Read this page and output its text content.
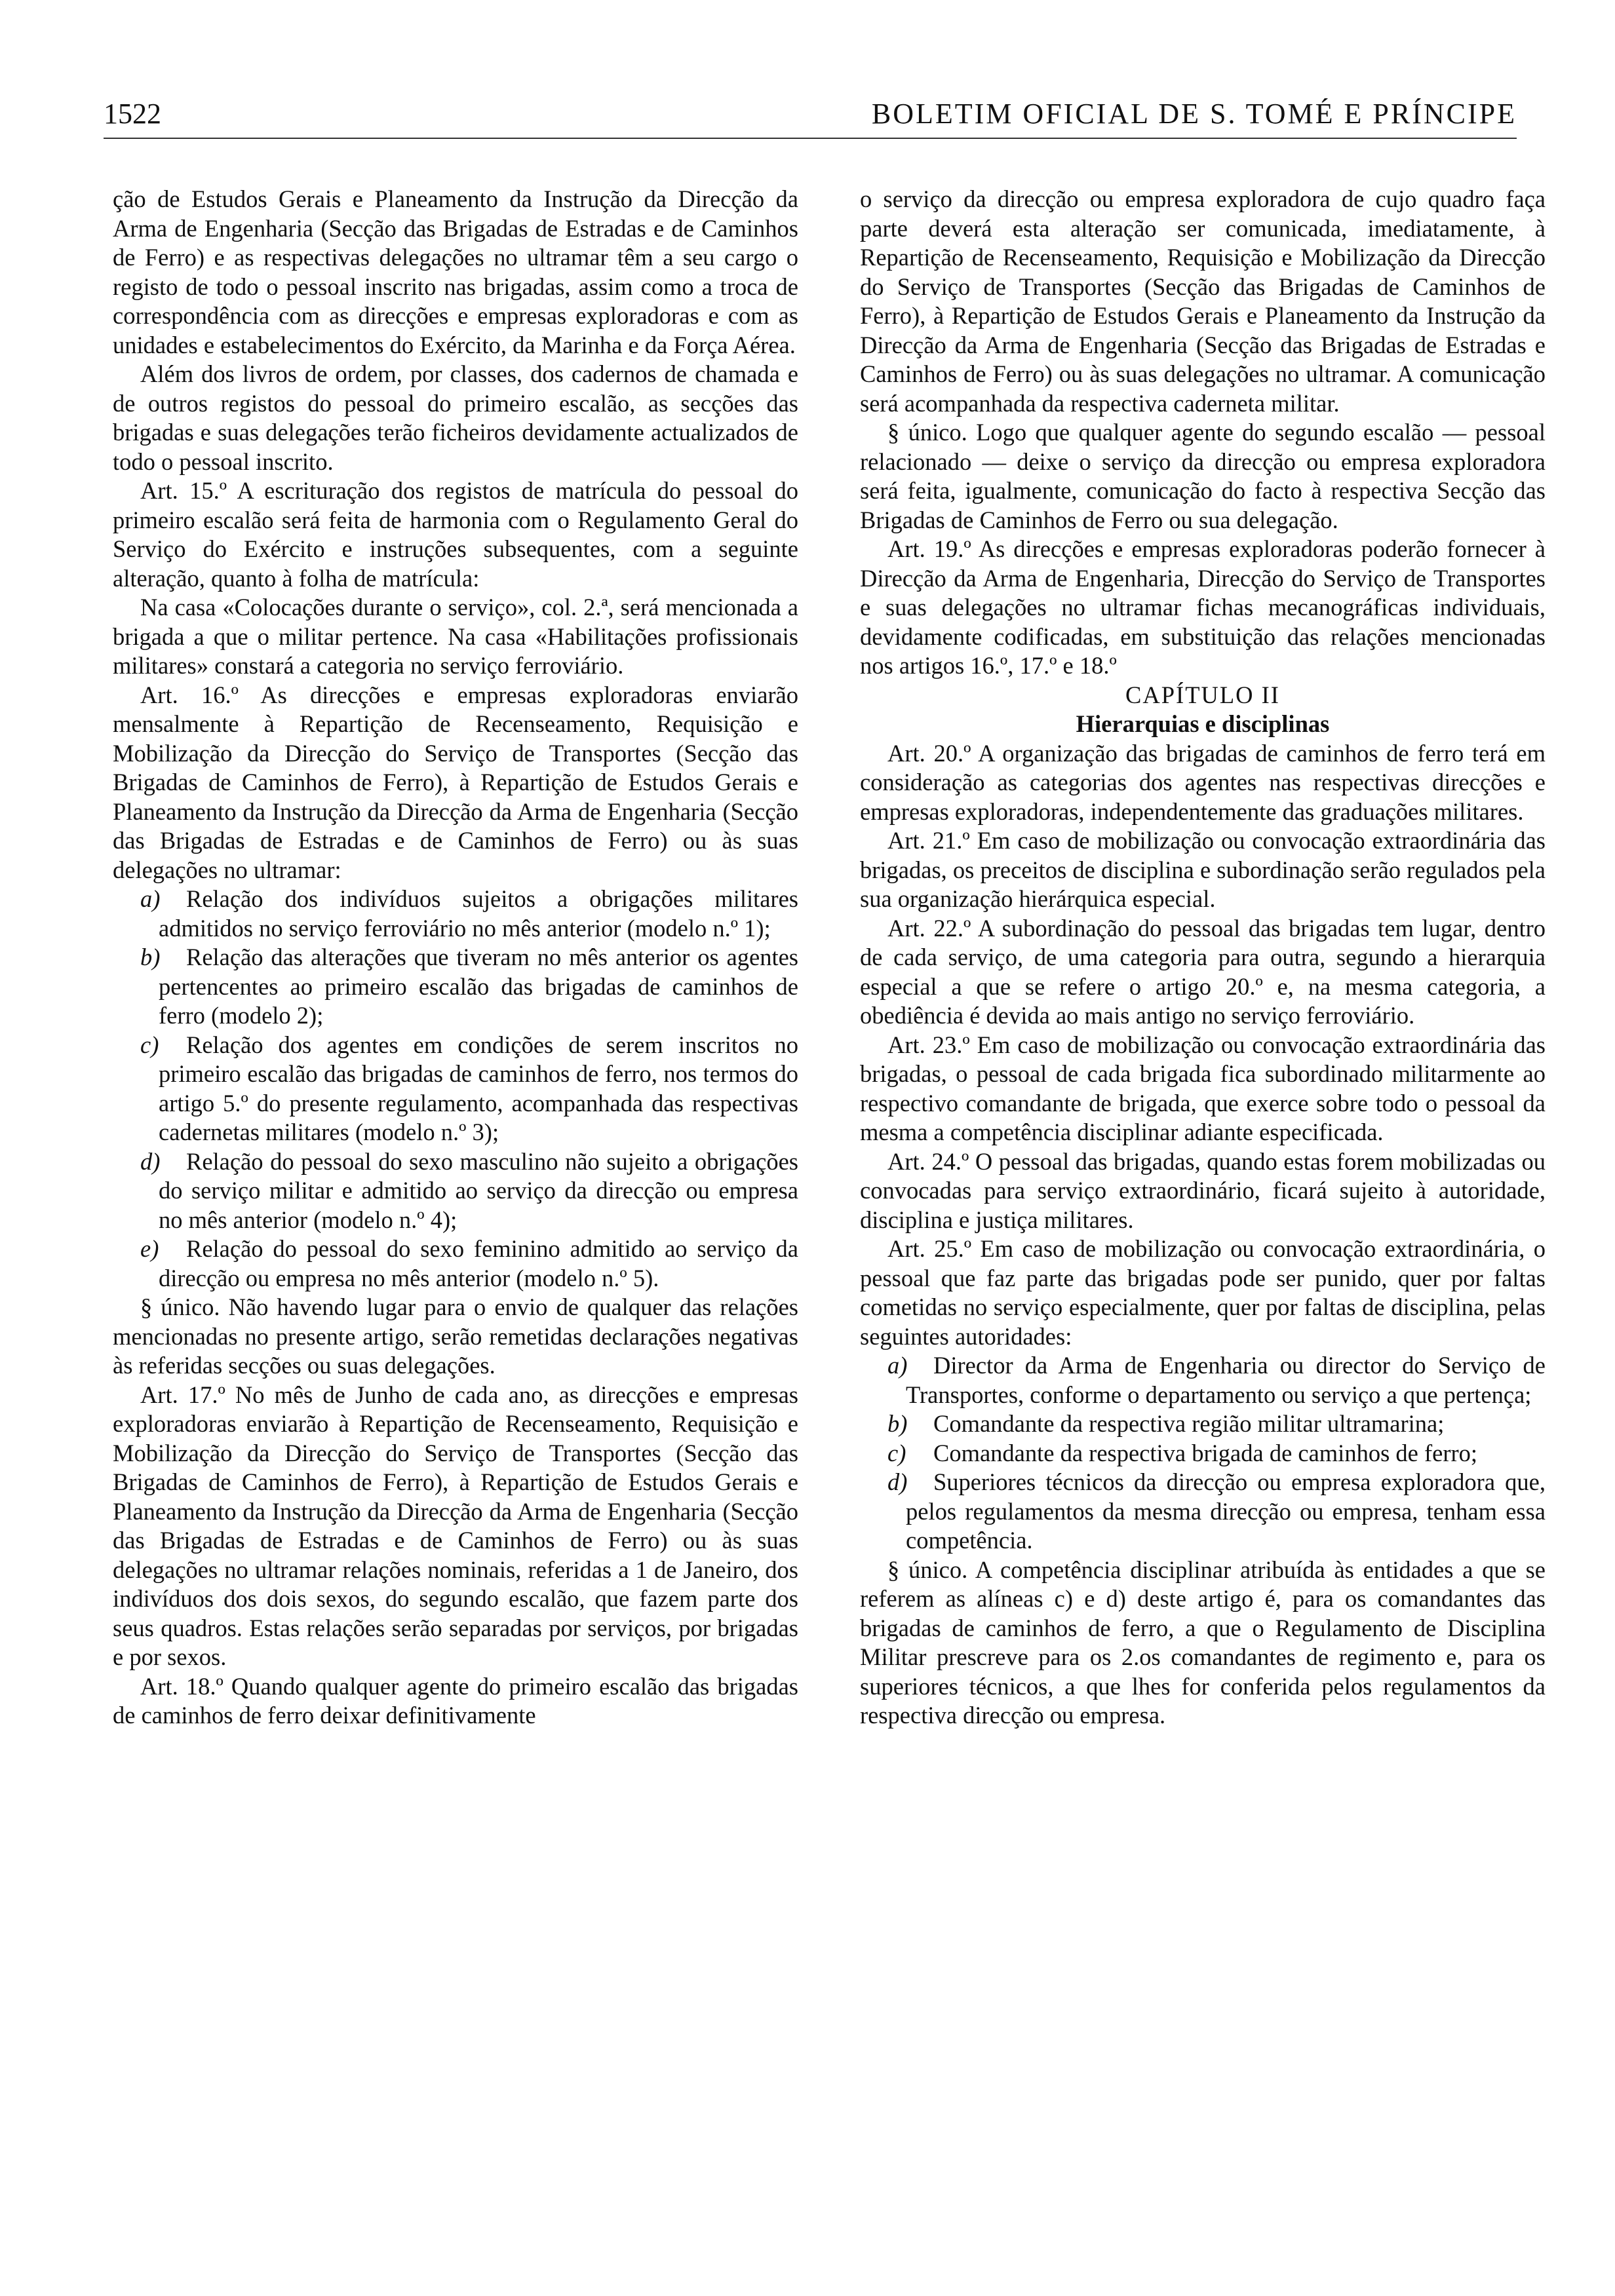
1522	BOLETIM OFICIAL DE S. TOMÉ E PRÍNCIPE

ção de Estudos Gerais e Planeamento da Instrução da Direcção da Arma de Engenharia (Secção das Brigadas de Estradas e de Caminhos de Ferro) e as respectivas delegações no ultramar têm a seu cargo o registo de todo o pessoal inscrito nas brigadas, assim como a troca de correspondência com as direcções e empresas exploradoras e com as unidades e estabelecimentos do Exército, da Marinha e da Força Aérea.

Além dos livros de ordem, por classes, dos cadernos de chamada e de outros registos do pessoal do primeiro escalão, as secções das brigadas e suas delegações terão ficheiros devidamente actualizados de todo o pessoal inscrito.

Art. 15.º A escrituração dos registos de matrícula do pessoal do primeiro escalão será feita de harmonia com o Regulamento Geral do Serviço do Exército e instruções subsequentes, com a seguinte alteração, quanto à folha de matrícula:

Na casa «Colocações durante o serviço», col. 2.ª, será mencionada a brigada a que o militar pertence. Na casa «Habilitações profissionais militares» constará a categoria no serviço ferroviário.

Art. 16.º As direcções e empresas exploradoras enviarão mensalmente à Repartição de Recenseamento, Requisição e Mobilização da Direcção do Serviço de Transportes (Secção das Brigadas de Caminhos de Ferro), à Repartição de Estudos Gerais e Planeamento da Instrução da Direcção da Arma de Engenharia (Secção das Brigadas de Estradas e de Caminhos de Ferro) ou às suas delegações no ultramar:

a) Relação dos indivíduos sujeitos a obrigações militares admitidos no serviço ferroviário no mês anterior (modelo n.º 1);

b) Relação das alterações que tiveram no mês anterior os agentes pertencentes ao primeiro escalão das brigadas de caminhos de ferro (modelo 2);

c) Relação dos agentes em condições de serem inscritos no primeiro escalão das brigadas de caminhos de ferro, nos termos do artigo 5.º do presente regulamento, acompanhada das respectivas cadernetas militares (modelo n.º 3);

d) Relação do pessoal do sexo masculino não sujeito a obrigações do serviço militar e admitido ao serviço da direcção ou empresa no mês anterior (modelo n.º 4);

e) Relação do pessoal do sexo feminino admitido ao serviço da direcção ou empresa no mês anterior (modelo n.º 5).

§ único. Não havendo lugar para o envio de qualquer das relações mencionadas no presente artigo, serão remetidas declarações negativas às referidas secções ou suas delegações.

Art. 17.º No mês de Junho de cada ano, as direcções e empresas exploradoras enviarão à Repartição de Recenseamento, Requisição e Mobilização da Direcção do Serviço de Transportes (Secção das Brigadas de Caminhos de Ferro), à Repartição de Estudos Gerais e Planeamento da Instrução da Direcção da Arma de Engenharia (Secção das Brigadas de Estradas e de Caminhos de Ferro) ou às suas delegações no ultramar relações nominais, referidas a 1 de Janeiro, dos indivíduos dos dois sexos, do segundo escalão, que fazem parte dos seus quadros. Estas relações serão separadas por serviços, por brigadas e por sexos.

Art. 18.º Quando qualquer agente do primeiro escalão das brigadas de caminhos de ferro deixar definitivamente

o serviço da direcção ou empresa exploradora de cujo quadro faça parte deverá esta alteração ser comunicada, imediatamente, à Repartição de Recenseamento, Requisição e Mobilização da Direcção do Serviço de Transportes (Secção das Brigadas de Caminhos de Ferro), à Repartição de Estudos Gerais e Planeamento da Instrução da Direcção da Arma de Engenharia (Secção das Brigadas de Estradas e Caminhos de Ferro) ou às suas delegações no ultramar. A comunicação será acompanhada da respectiva caderneta militar.

§ único. Logo que qualquer agente do segundo escalão — pessoal relacionado — deixe o serviço da direcção ou empresa exploradora será feita, igualmente, comunicação do facto à respectiva Secção das Brigadas de Caminhos de Ferro ou sua delegação.

Art. 19.º As direcções e empresas exploradoras poderão fornecer à Direcção da Arma de Engenharia, Direcção do Serviço de Transportes e suas delegações no ultramar fichas mecanográficas individuais, devidamente codificadas, em substituição das relações mencionadas nos artigos 16.º, 17.º e 18.º

CAPÍTULO II

Hierarquias e disciplinas

Art. 20.º A organização das brigadas de caminhos de ferro terá em consideração as categorias dos agentes nas respectivas direcções e empresas exploradoras, independentemente das graduações militares.

Art. 21.º Em caso de mobilização ou convocação extraordinária das brigadas, os preceitos de disciplina e subordinação serão regulados pela sua organização hierárquica especial.

Art. 22.º A subordinação do pessoal das brigadas tem lugar, dentro de cada serviço, de uma categoria para outra, segundo a hierarquia especial a que se refere o artigo 20.º e, na mesma categoria, a obediência é devida ao mais antigo no serviço ferroviário.

Art. 23.º Em caso de mobilização ou convocação extraordinária das brigadas, o pessoal de cada brigada fica subordinado militarmente ao respectivo comandante de brigada, que exerce sobre todo o pessoal da mesma a competência disciplinar adiante especificada.

Art. 24.º O pessoal das brigadas, quando estas forem mobilizadas ou convocadas para serviço extraordinário, ficará sujeito à autoridade, disciplina e justiça militares.

Art. 25.º Em caso de mobilização ou convocação extraordinária, o pessoal que faz parte das brigadas pode ser punido, quer por faltas cometidas no serviço especialmente, quer por faltas de disciplina, pelas seguintes autoridades:

a) Director da Arma de Engenharia ou director do Serviço de Transportes, conforme o departamento ou serviço a que pertença;

b) Comandante da respectiva região militar ultramarina;

c) Comandante da respectiva brigada de caminhos de ferro;

d) Superiores técnicos da direcção ou empresa exploradora que, pelos regulamentos da mesma direcção ou empresa, tenham essa competência.

§ único. A competência disciplinar atribuída às entidades a que se referem as alíneas c) e d) deste artigo é, para os comandantes das brigadas de caminhos de ferro, a que o Regulamento de Disciplina Militar prescreve para os 2.os comandantes de regimento e, para os superiores técnicos, a que lhes for conferida pelos regulamentos da respectiva direcção ou empresa.
